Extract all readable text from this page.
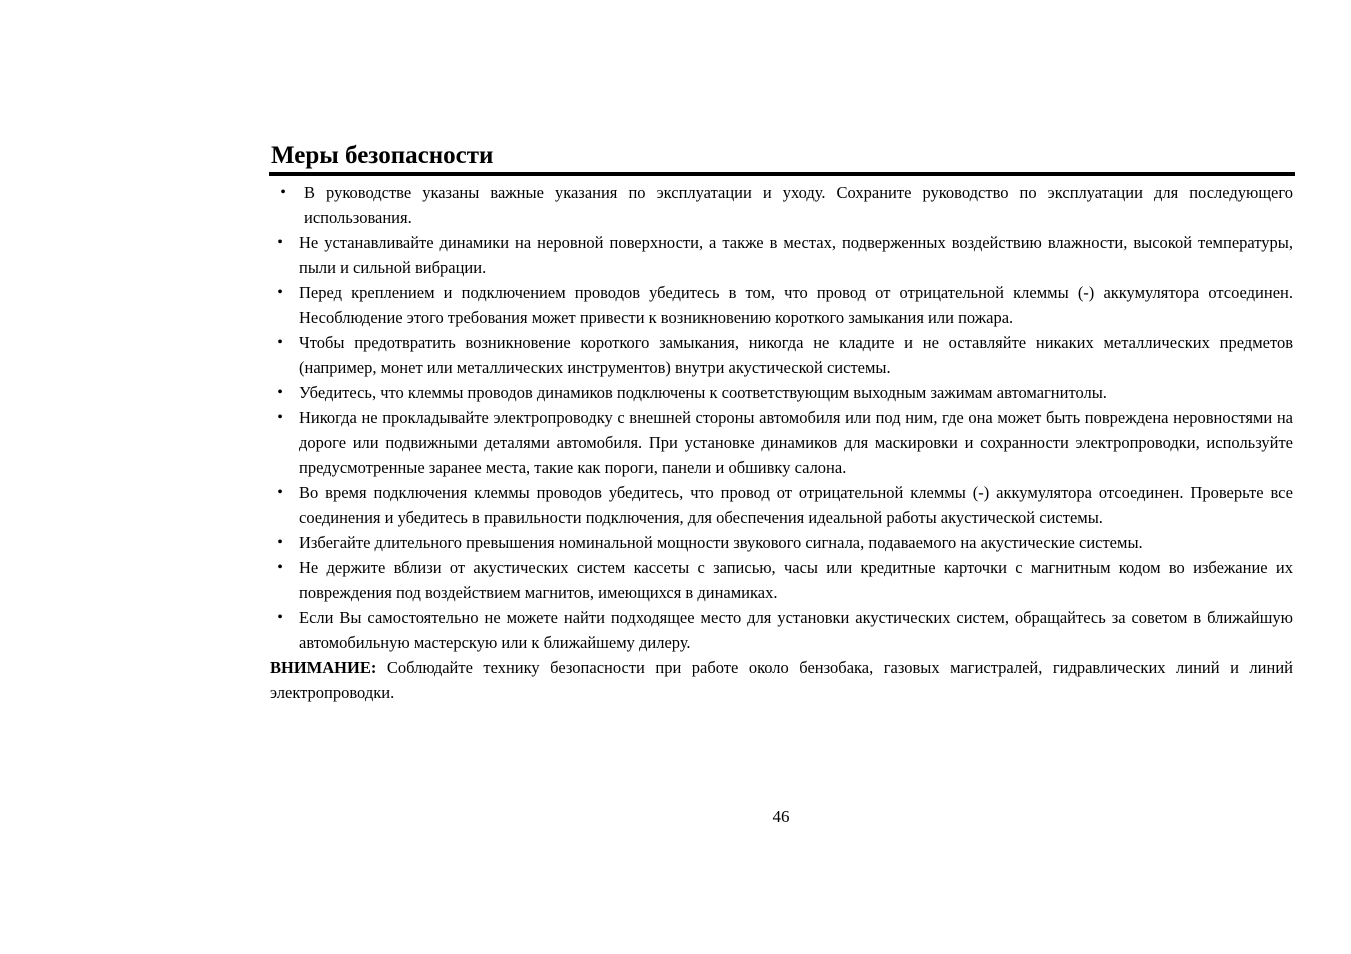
Меры безопасности
•	В руководстве указаны важные указания по эксплуатации и уходу. Сохраните руководство по эксплуатации для последующего использования.
• Не устанавливайте динамики на неровной поверхности, а также в местах, подверженных воздействию влажности, высокой температуры, пыли и сильной вибрации.
• Перед креплением и подключением проводов убедитесь в том, что провод от отрицательной клеммы (-) аккумулятора отсоединен. Несоблюдение этого требования может привести к возникновению короткого замыкания или пожара.
• Чтобы предотвратить возникновение короткого замыкания, никогда не кладите и не оставляйте никаких металлических предметов (например, монет или металлических инструментов) внутри акустической системы.
• Убедитесь, что клеммы проводов динамиков подключены к соответствующим выходным зажимам автомагнитолы.
• Никогда не прокладывайте электропроводку с внешней стороны автомобиля или под ним, где она может быть повреждена неровностями на дороге или подвижными деталями автомобиля. При установке динамиков для маскировки и сохранности электропроводки, используйте предусмотренные заранее места, такие как пороги, панели и обшивку салона.
• Во время подключения клеммы проводов убедитесь, что провод от отрицательной клеммы (-) аккумулятора отсоединен. Проверьте все соединения и убедитесь в правильности подключения, для обеспечения идеальной работы акустической системы.
• Избегайте длительного превышения номинальной мощности звукового сигнала, подаваемого на акустические системы.
• Не держите вблизи от акустических систем кассеты с записью, часы или кредитные карточки с магнитным кодом во избежание их повреждения под воздействием магнитов, имеющихся в динамиках.
• Если Вы самостоятельно не можете найти подходящее место для установки акустических систем, обращайтесь за советом в ближайшую автомобильную мастерскую или к ближайшему дилеру.

ВНИМАНИЕ: Соблюдайте технику безопасности при работе около бензобака, газовых магистралей, гидравлических линий и линий электропроводки.

46
